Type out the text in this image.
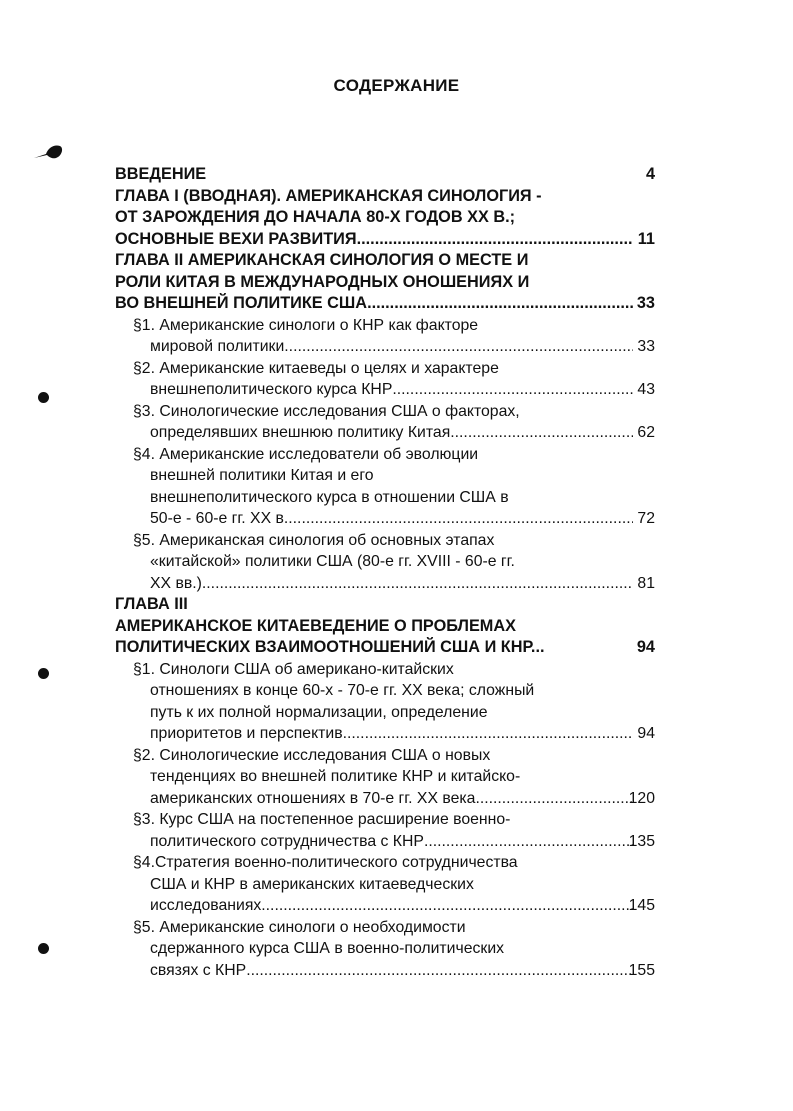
СОДЕРЖАНИЕ
ВВЕДЕНИЕ	4
ГЛАВА I (ВВОДНАЯ). АМЕРИКАНСКАЯ СИНОЛОГИЯ -
ОТ ЗАРОЖДЕНИЯ ДО НАЧАЛА 80-Х ГОДОВ XX В.;
ОСНОВНЫЕ ВЕХИ РАЗВИТИЯ .....	11
ГЛАВА II АМЕРИКАНСКАЯ СИНОЛОГИЯ О МЕСТЕ И
РОЛИ КИТАЯ В МЕЖДУНАРОДНЫХ ОНОШЕНИЯХ И
ВО ВНЕШНЕЙ ПОЛИТИКЕ США .....	33
§1. Американские синологи о КНР как факторе
мировой политики .....	33
§2. Американские китаеведы о целях и характере
внешнеполитического курса КНР .....	43
§3. Синологические исследования США о факторах,
определявших внешнюю политику Китая .....	62
§4. Американские исследователи об эволюции
внешней политики Китая и его
внешнеполитического курса в отношении США в
50-е - 60-е гг. XX в. .....	72
§5. Американская синология об основных этапах
«китайской» политики США (80-е гг. XVIII - 60-е гг.
XX вв.) .....	81
ГЛАВА III
АМЕРИКАНСКОЕ КИТАЕВЕДЕНИЕ О ПРОБЛЕМАХ
ПОЛИТИЧЕСКИХ ВЗАИМООТНОШЕНИЙ США И КНР...	94
§1. Синологи США об американо-китайских
отношениях в конце 60-х - 70-е гг. XX века; сложный
путь к их полной нормализации, определение
приоритетов и перспектив .....	94
§2. Синологические исследования США о новых
тенденциях во внешней политике КНР и китайско-
американских отношениях в 70-е гг. XX века .....	120
§3. Курс США на постепенное расширение военно-
политического сотрудничества с КНР .....	135
§4.Стратегия военно-политического сотрудничества
США и КНР в американских китаеведческих
исследованиях .....	145
§5. Американские синологи о необходимости
сдержанного курса США в военно-политических
связях с КНР .....	155
